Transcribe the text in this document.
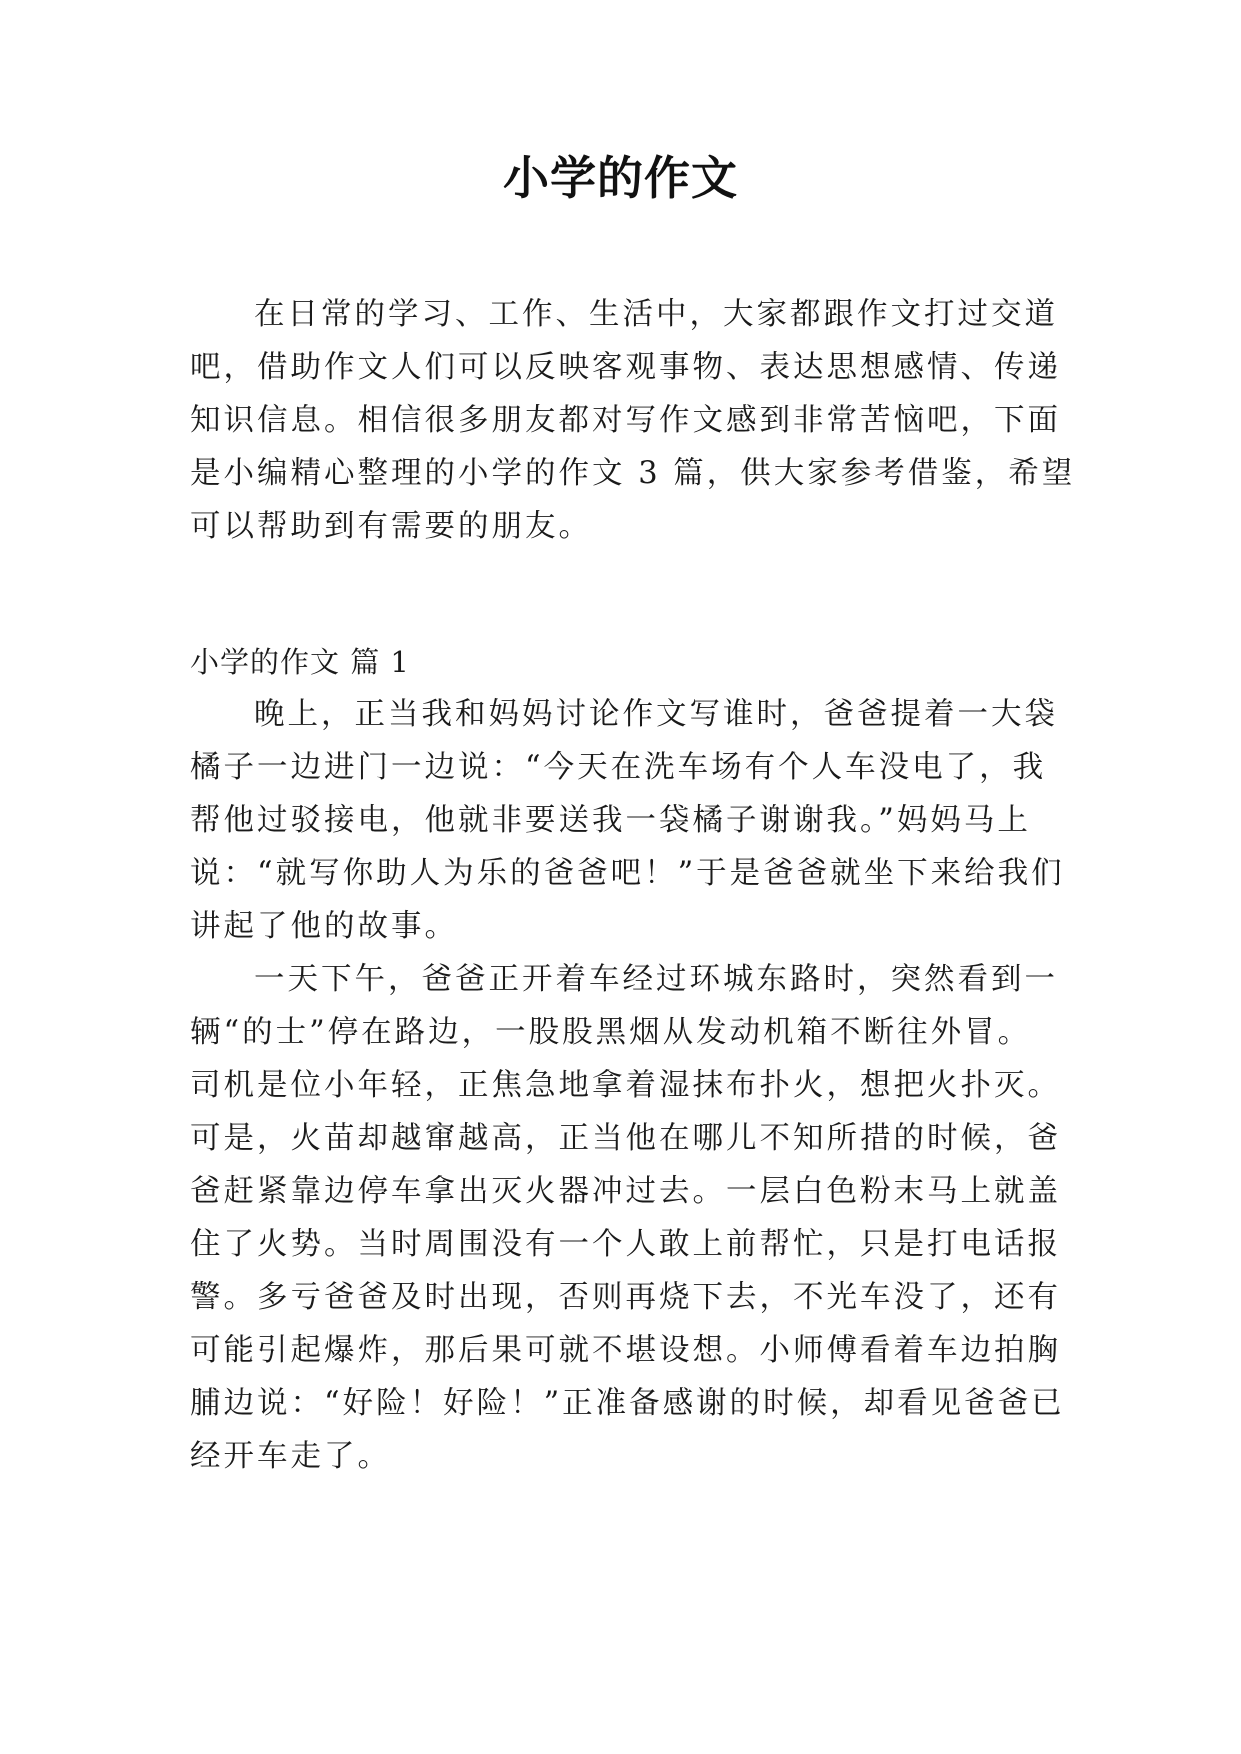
小学的作文
在日常的学习、工作、生活中，大家都跟作文打过交道
吧，借助作文人们可以反映客观事物、表达思想感情、传递
知识信息。相信很多朋友都对写作文感到非常苦恼吧，下面
是小编精心整理的小学的作文 3 篇，供大家参考借鉴，希望
可以帮助到有需要的朋友。
小学的作文 篇 1
晚上，正当我和妈妈讨论作文写谁时，爸爸提着一大袋
橘子一边进门一边说：“今天在洗车场有个人车没电了，我
帮他过驳接电，他就非要送我一袋橘子谢谢我。”妈妈马上
说：“就写你助人为乐的爸爸吧！”于是爸爸就坐下来给我们
讲起了他的故事。
一天下午，爸爸正开着车经过环城东路时，突然看到一
辆“的士”停在路边，一股股黑烟从发动机箱不断往外冒。
司机是位小年轻，正焦急地拿着湿抹布扑火，想把火扑灭。
可是，火苗却越窜越高，正当他在哪儿不知所措的时候，爸
爸赶紧靠边停车拿出灭火器冲过去。一层白色粉末马上就盖
住了火势。当时周围没有一个人敢上前帮忙，只是打电话报
警。多亏爸爸及时出现，否则再烧下去，不光车没了，还有
可能引起爆炸，那后果可就不堪设想。小师傅看着车边拍胸
脯边说：“好险！好险！”正准备感谢的时候，却看见爸爸已
经开车走了。
